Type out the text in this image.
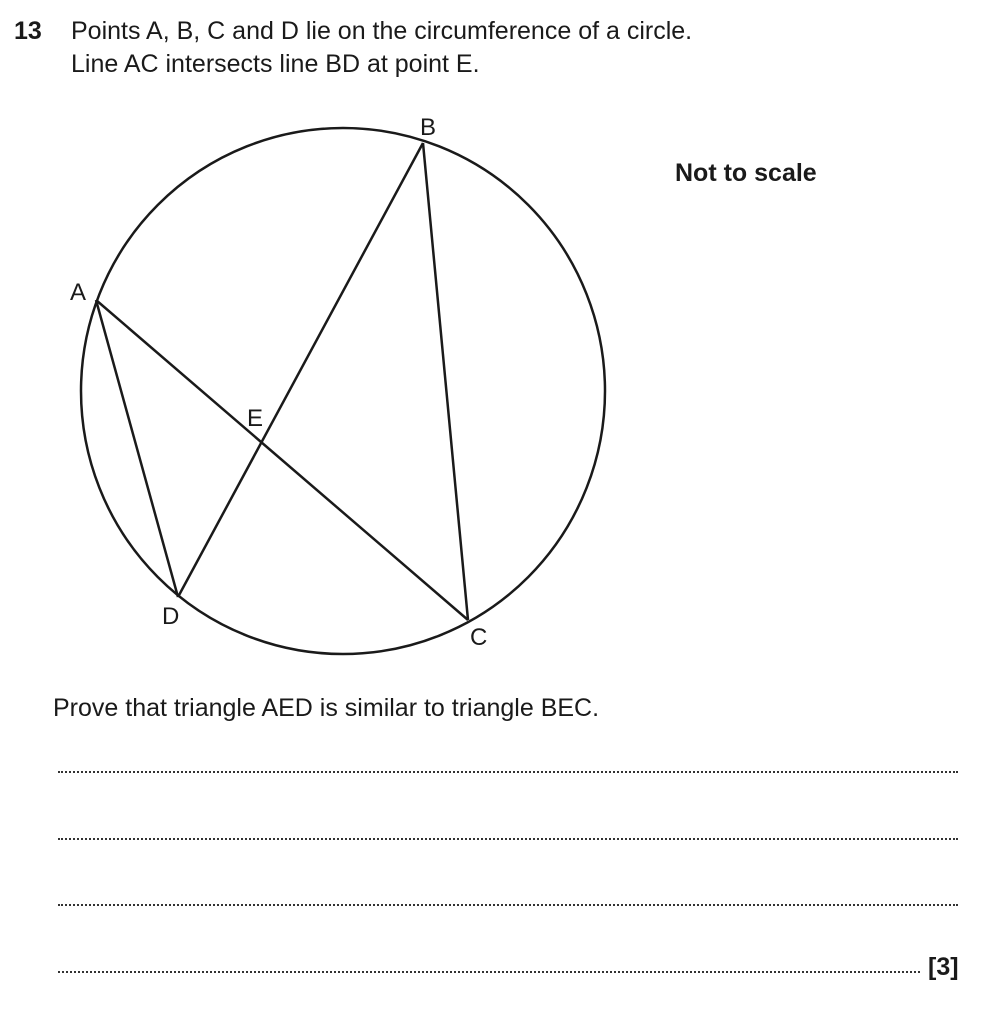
13 Points A, B, C and D lie on the circumference of a circle.
Line AC intersects line BD at point E.
B
A
E
D
C
Not to scale
Prove that triangle AED is similar to triangle BEC.
[3]
